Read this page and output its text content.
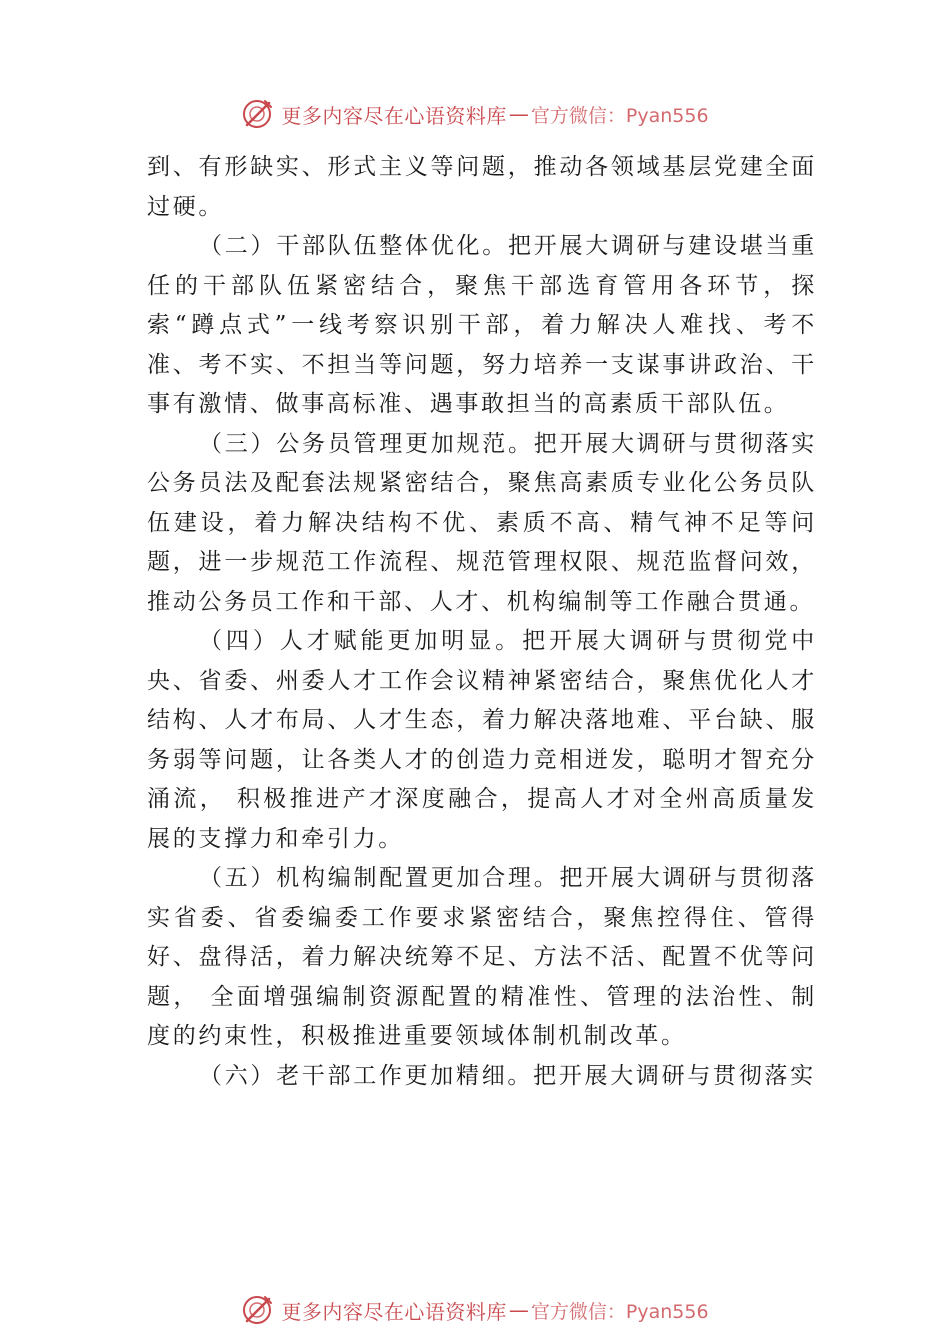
更多内容尽在心语资料库 — 官方微信：Pyan556

到、有形缺实、形式主义等问题，推动各领域基层党建全面过硬。

（二）干部队伍整体优化。把开展大调研与建设堪当重任的干部队伍紧密结合，聚焦干部选育管用各环节，探索“蹲点式”一线考察识别干部，着力解决人难找、考不准、考不实、不担当等问题，努力培养一支谋事讲政治、干事有激情、做事高标准、遇事敢担当的高素质干部队伍。

（三）公务员管理更加规范。把开展大调研与贯彻落实公务员法及配套法规紧密结合，聚焦高素质专业化公务员队伍建设，着力解决结构不优、素质不高、精气神不足等问题，进一步规范工作流程、规范管理权限、规范监督问效，推动公务员工作和干部、人才、机构编制等工作融合贯通。

（四）人才赋能更加明显。把开展大调研与贯彻党中央、省委、州委人才工作会议精神紧密结合，聚焦优化人才结构、人才布局、人才生态，着力解决落地难、平台缺、服务弱等问题，让各类人才的创造力竞相迸发，聪明才智充分涌流， 积极推进产才深度融合，提高人才对全州高质量发展的支撑力和牵引力。

（五）机构编制配置更加合理。把开展大调研与贯彻落实省委、省委编委工作要求紧密结合，聚焦控得住、管得好、盘得活，着力解决统筹不足、方法不活、配置不优等问题， 全面增强编制资源配置的精准性、管理的法治性、制度的约束性，积极推进重要领域体制机制改革。

（六）老干部工作更加精细。把开展大调研与贯彻落实

更多内容尽在心语资料库 — 官方微信：Pyan556
